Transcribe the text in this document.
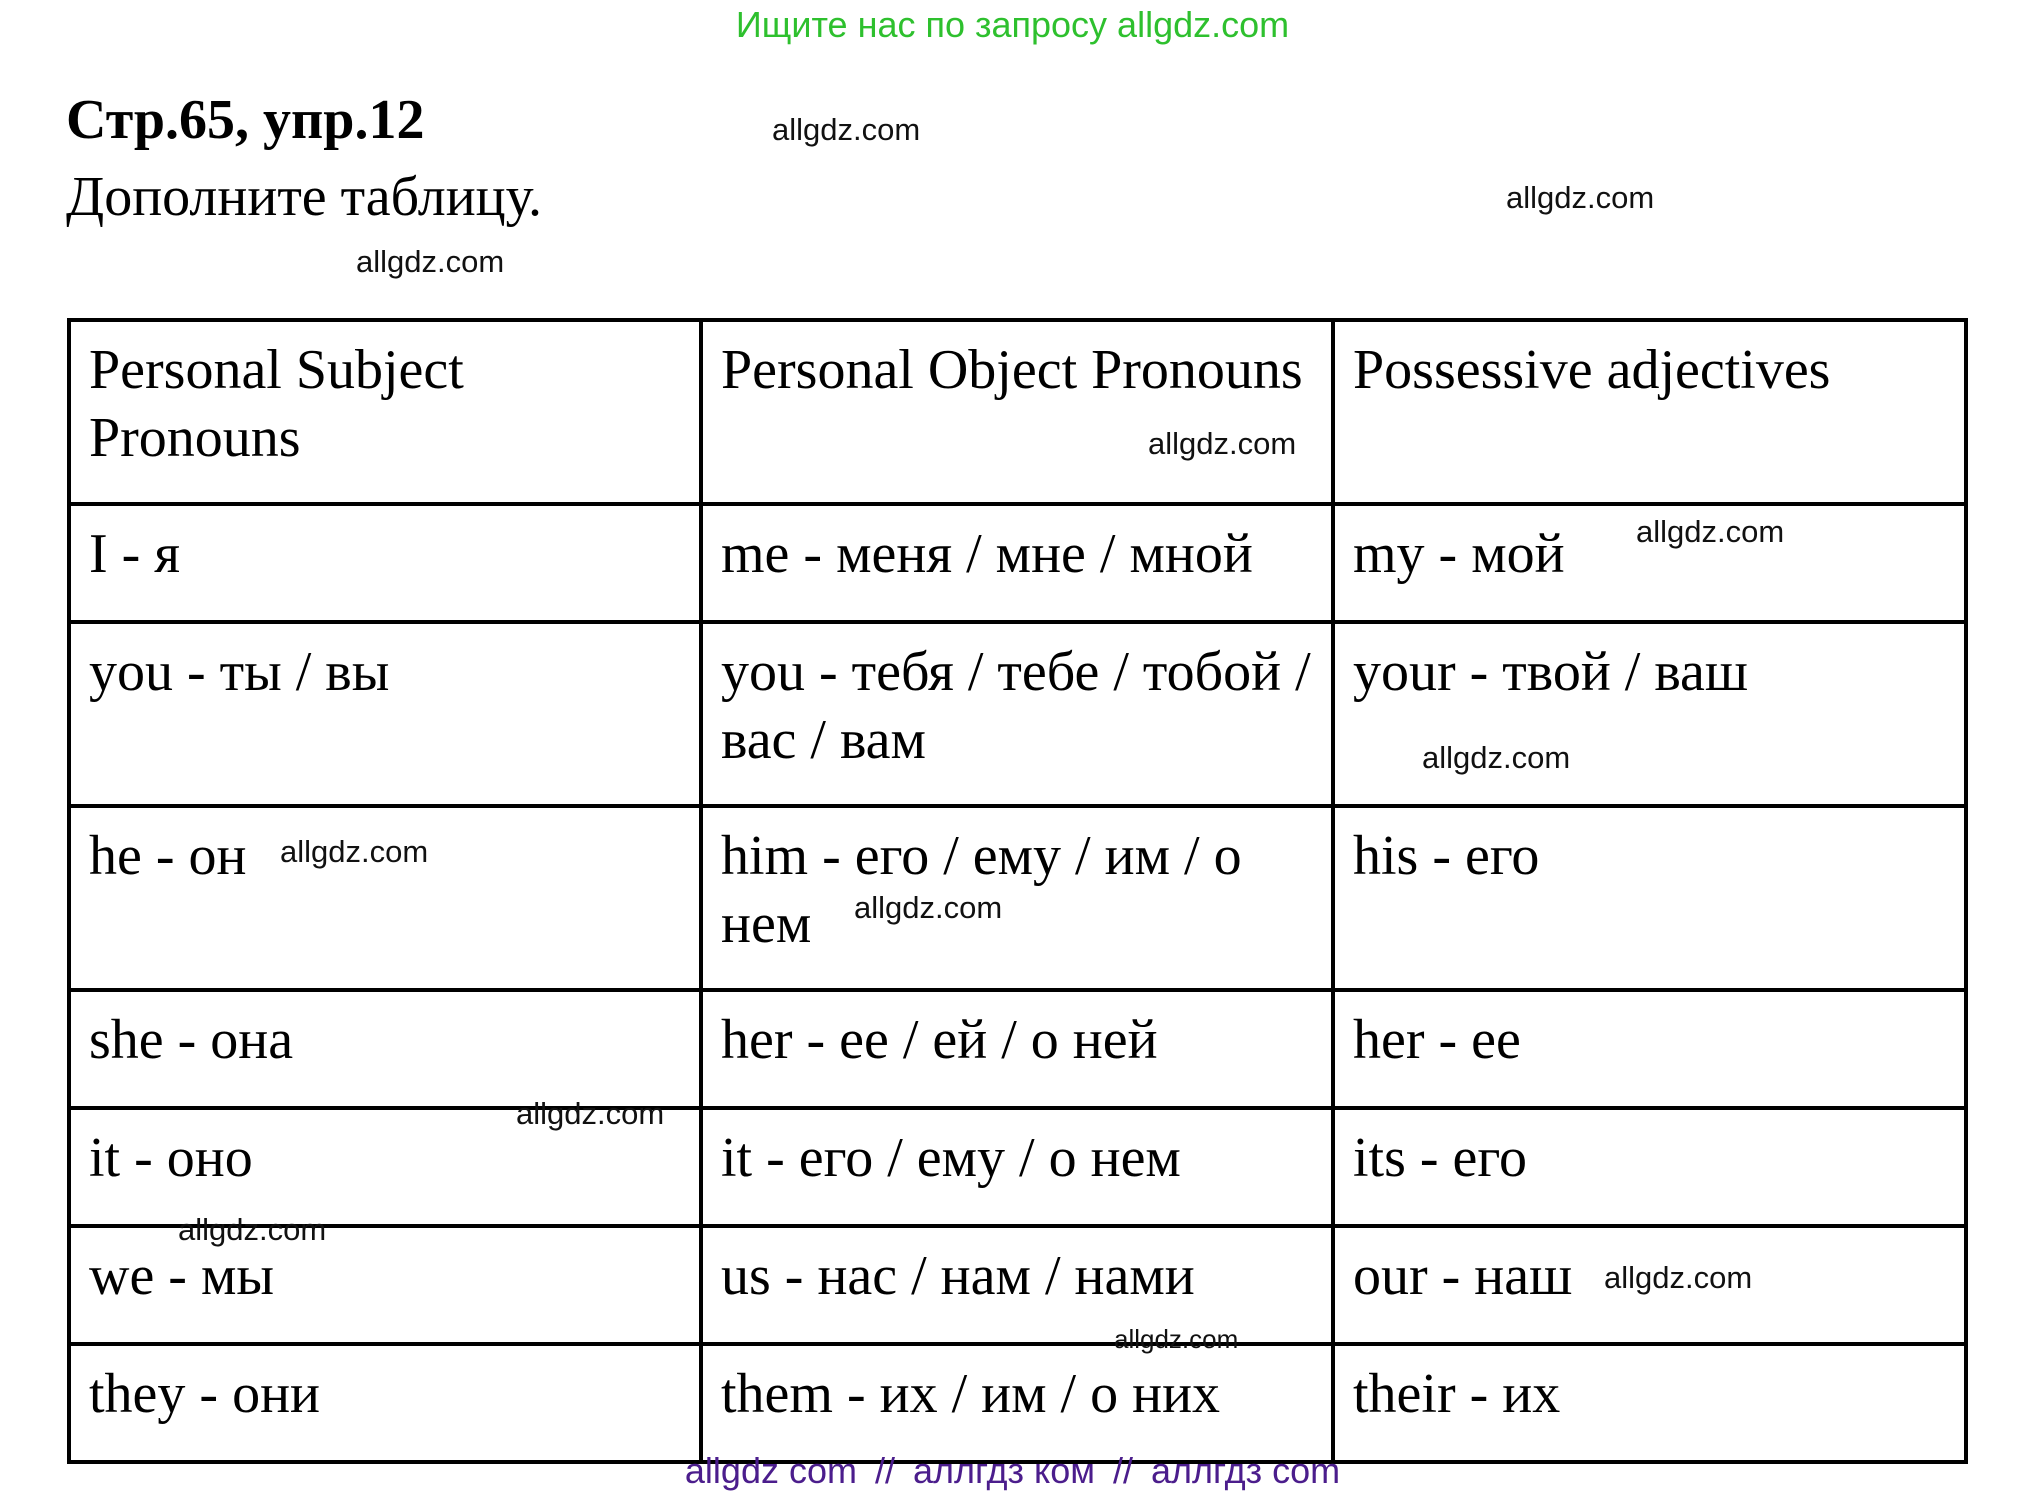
Ищите нас по запросу allgdz.com
Стр.65, упр.12
Дополните таблицу.
allgdz.com
allgdz.com
allgdz.com
Personal Subject Pronouns	Personal Object Pronouns	Possessive adjectives
I - я	me - меня / мне / мной	my - мой
you - ты / вы	you - тебя / тебе / тобой / вас / вам	your - твой / ваш
he - он	him - его / ему / им / о нем	his - его
she - она	her - ее / ей / о ней	her - ее
it - оно	it - его / ему / о нем	its - его
we - мы	us - нас / нам / нами	our - наш
they - они	them - их / им / о них	their - их
allgdz.com
allgdz.com
allgdz.com
allgdz.com
allgdz.com
allgdz.com
allgdz.com
allgdz.com
allgdz.com
allgdz com // аллгдз ком // аллгдз com
